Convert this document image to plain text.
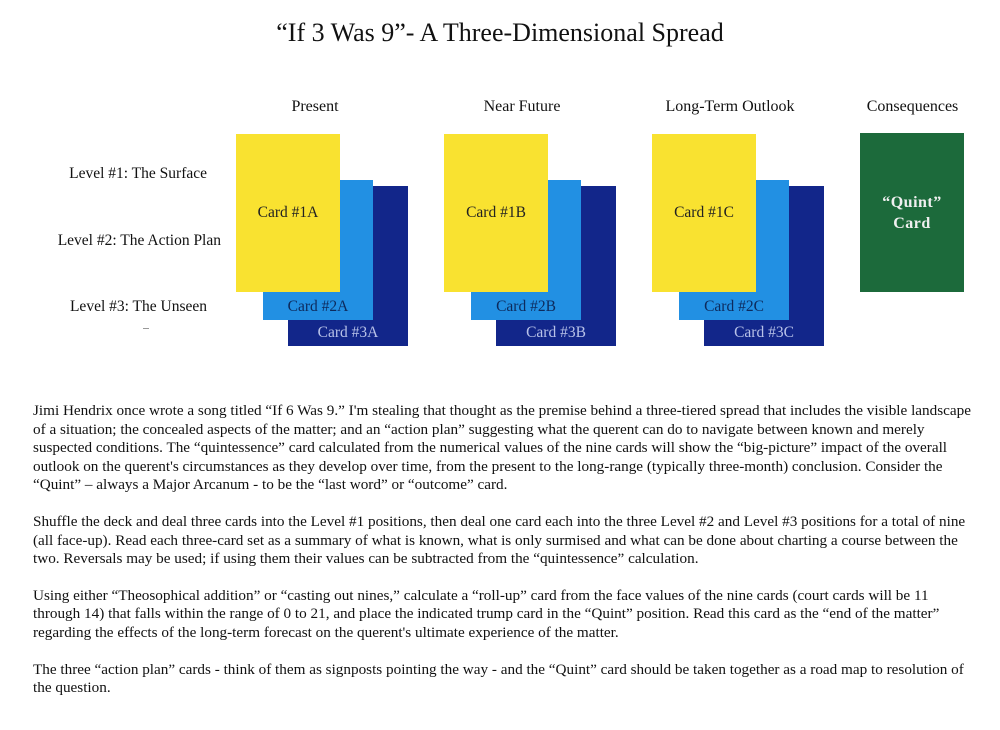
“If 3 Was 9”- A Three-Dimensional Spread
Present	Near Future	Long-Term Outlook	Consequences
Level #1: The Surface
Level #2: The Action Plan
Level #3: The Unseen
Card #3A
Card #2A
Card #1A
Card #3B
Card #2B
Card #1B
Card #3C
Card #2C
Card #1C
“Quint”
Card

Jimi Hendrix once wrote a song titled “If 6 Was 9.” I'm stealing that thought as the premise behind a three-tiered spread that includes the visible landscape of a situation; the concealed aspects of the matter; and an “action plan” suggesting what the querent can do to navigate between known and merely suspected conditions. The “quintessence” card calculated from the numerical values of the nine cards will show the “big-picture” impact of the overall outlook on the querent's circumstances as they develop over time, from the present to the long-range (typically three-month) conclusion. Consider the “Quint” – always a Major Arcanum - to be the “last word” or “outcome” card.

Shuffle the deck and deal three cards into the Level #1 positions, then deal one card each into the three Level #2 and Level #3 positions for a total of nine (all face-up). Read each three-card set as a summary of what is known, what is only surmised and what can be done about charting a course between the two. Reversals may be used; if using them their values can be subtracted from the “quintessence” calculation.

Using either “Theosophical addition” or “casting out nines,” calculate a “roll-up” card from the face values of the nine cards (court cards will be 11 through 14) that falls within the range of 0 to 21, and place the indicated trump card in the “Quint” position. Read this card as the “end of the matter” regarding the effects of the long-term forecast on the querent's ultimate experience of the matter.

The three “action plan” cards - think of them as signposts pointing the way - and the “Quint” card should be taken together as a road map to resolution of the question.
